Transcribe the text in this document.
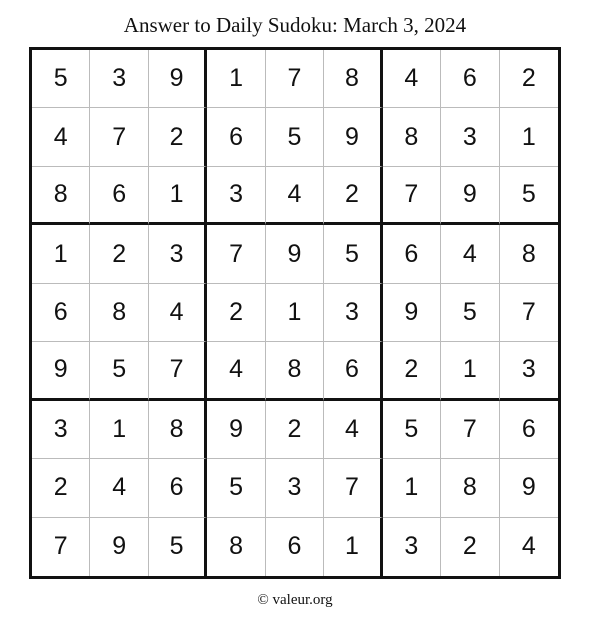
Answer to Daily Sudoku: March 3, 2024
5	3	9	1	7	8	4	6	2
4	7	2	6	5	9	8	3	1
8	6	1	3	4	2	7	9	5
1	2	3	7	9	5	6	4	8
6	8	4	2	1	3	9	5	7
9	5	7	4	8	6	2	1	3
3	1	8	9	2	4	5	7	6
2	4	6	5	3	7	1	8	9
7	9	5	8	6	1	3	2	4
© valeur.org
